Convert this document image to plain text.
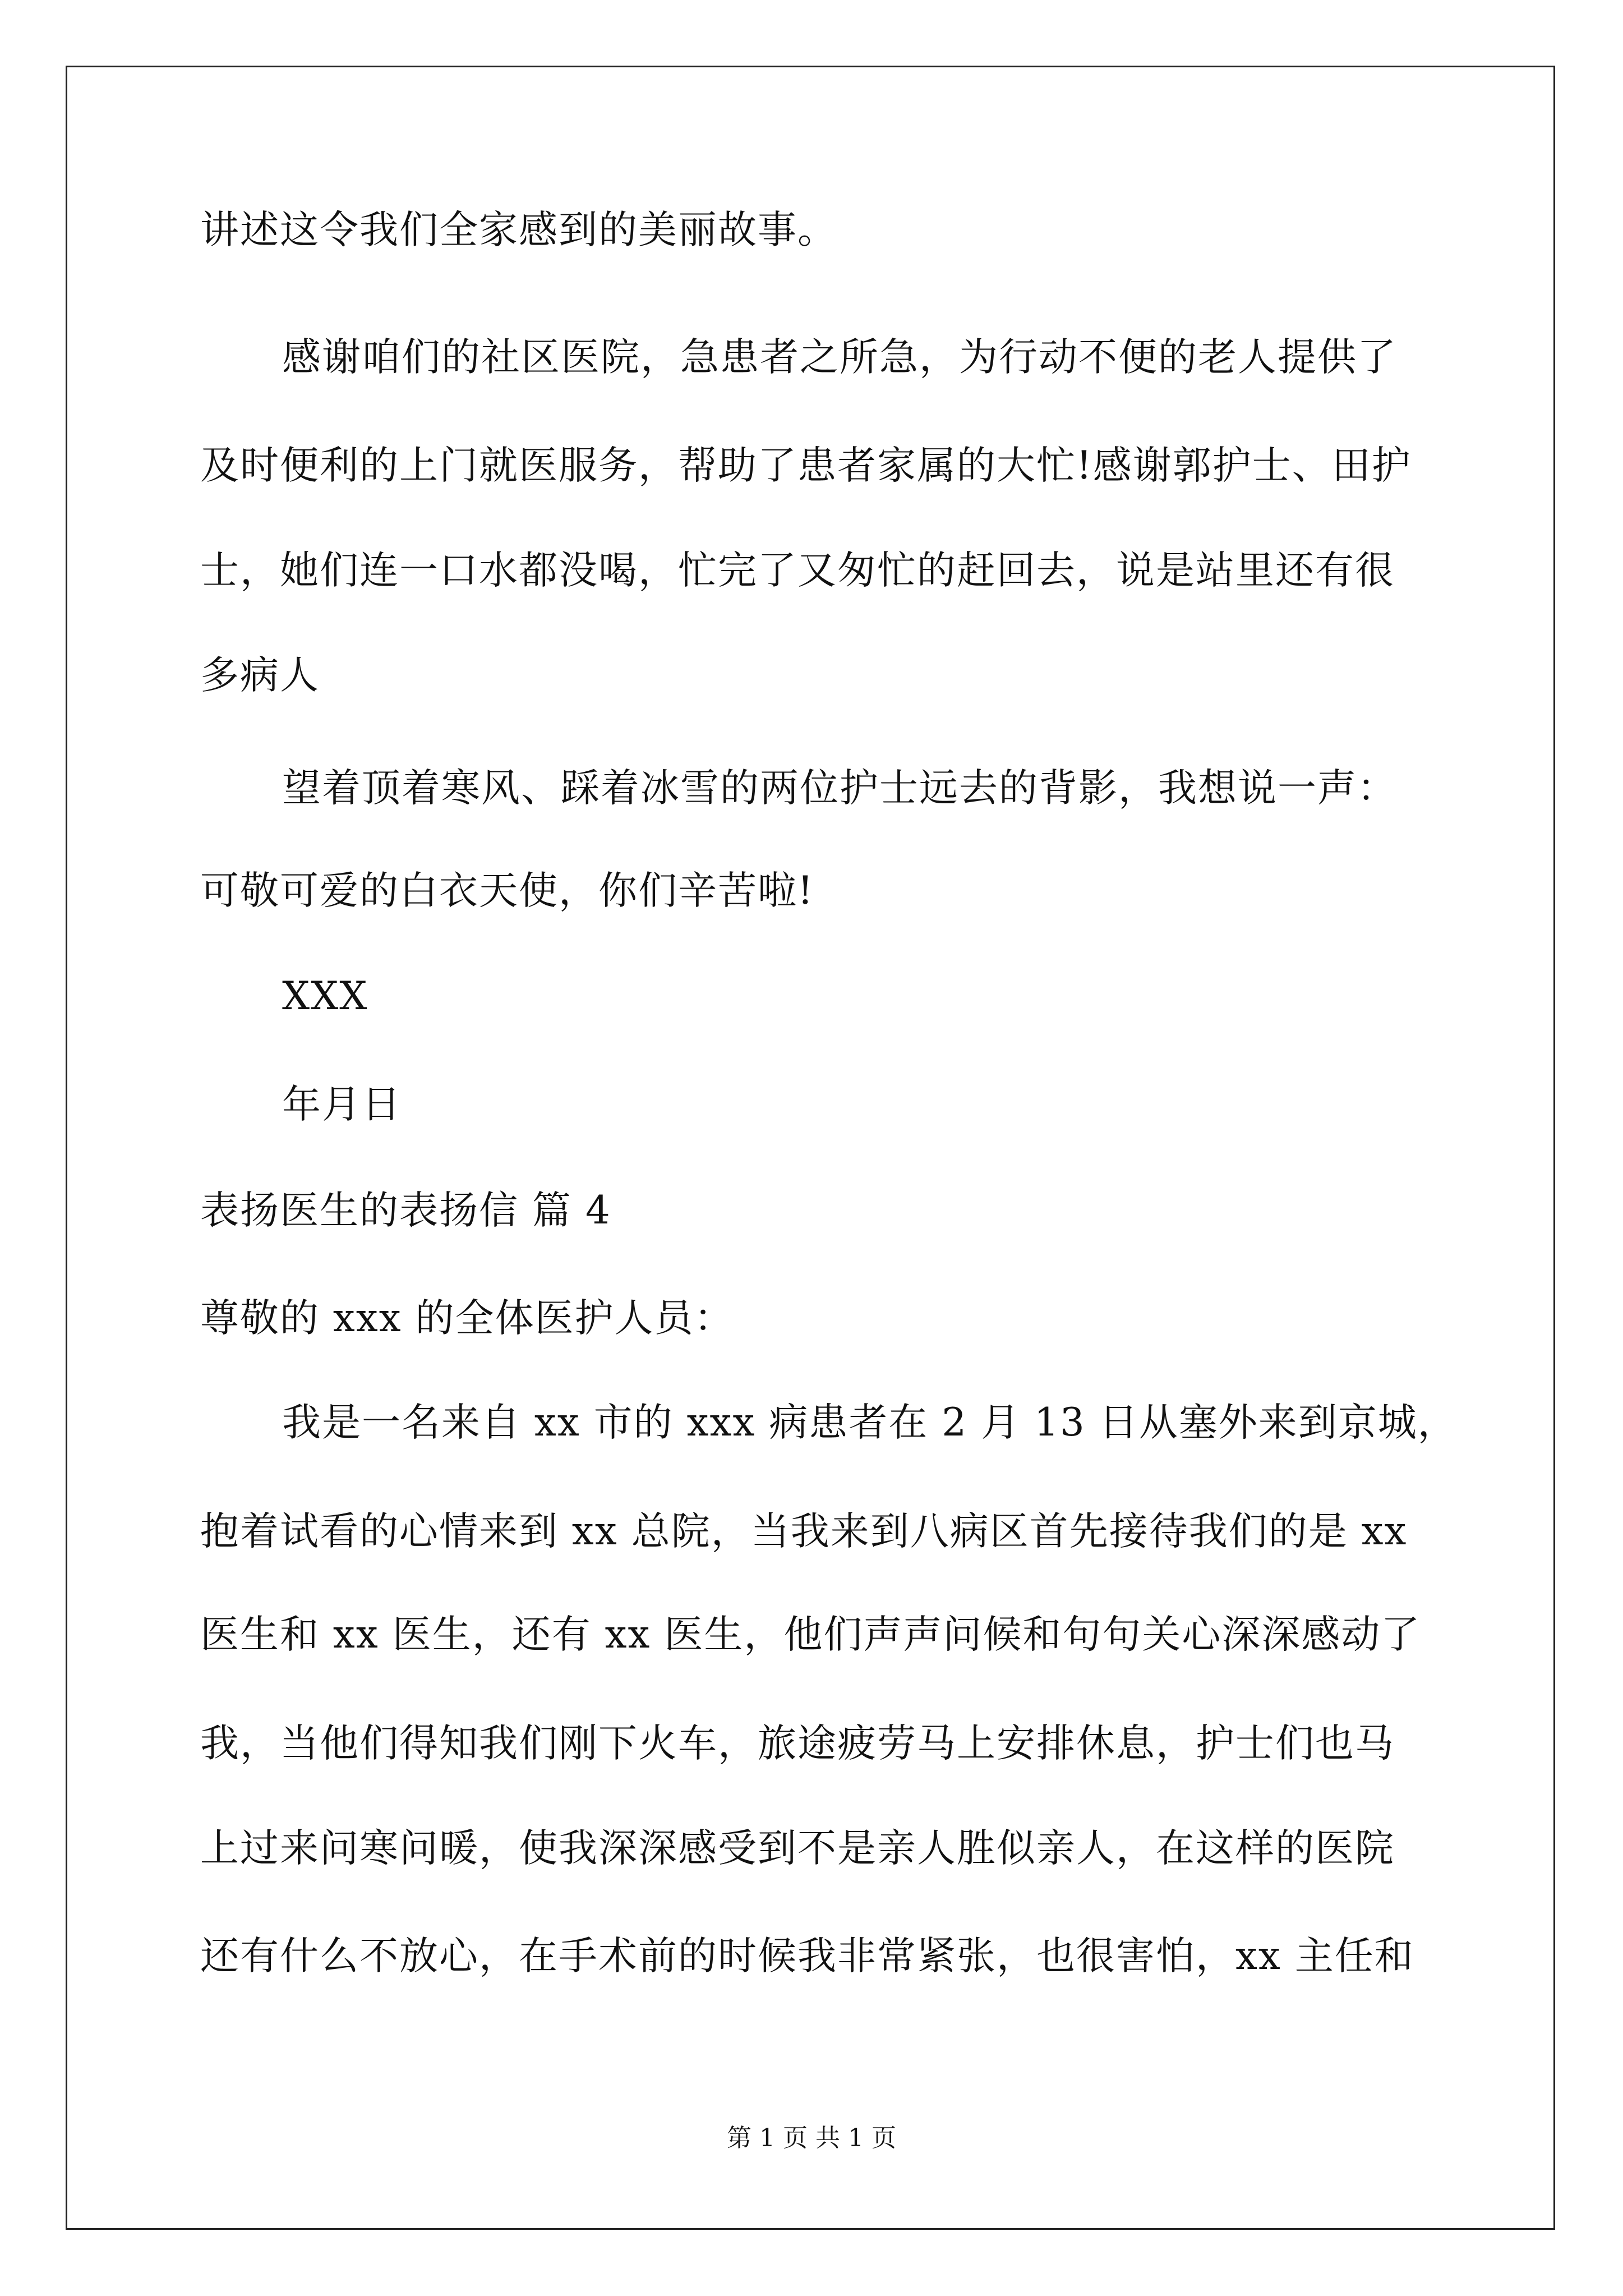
讲述这令我们全家感到的美丽故事。
感谢咱们的社区医院，急患者之所急，为行动不便的老人提供了
及时便利的上门就医服务，帮助了患者家属的大忙!感谢郭护士、田护
士，她们连一口水都没喝，忙完了又匆忙的赶回去，说是站里还有很
多病人
望着顶着寒风、踩着冰雪的两位护士远去的背影，我想说一声：
可敬可爱的白衣天使，你们辛苦啦!
XXX
年月日
表扬医生的表扬信 篇 4
尊敬的 xxx 的全体医护人员：
我是一名来自 xx 市的 xxx 病患者在 2 月 13 日从塞外来到京城，
抱着试看的心情来到 xx 总院，当我来到八病区首先接待我们的是 xx
医生和 xx 医生，还有 xx 医生，他们声声问候和句句关心深深感动了
我，当他们得知我们刚下火车，旅途疲劳马上安排休息，护士们也马
上过来问寒问暖，使我深深感受到不是亲人胜似亲人，在这样的医院
还有什么不放心，在手术前的时候我非常紧张，也很害怕，xx 主任和
第 1 页 共 1 页
